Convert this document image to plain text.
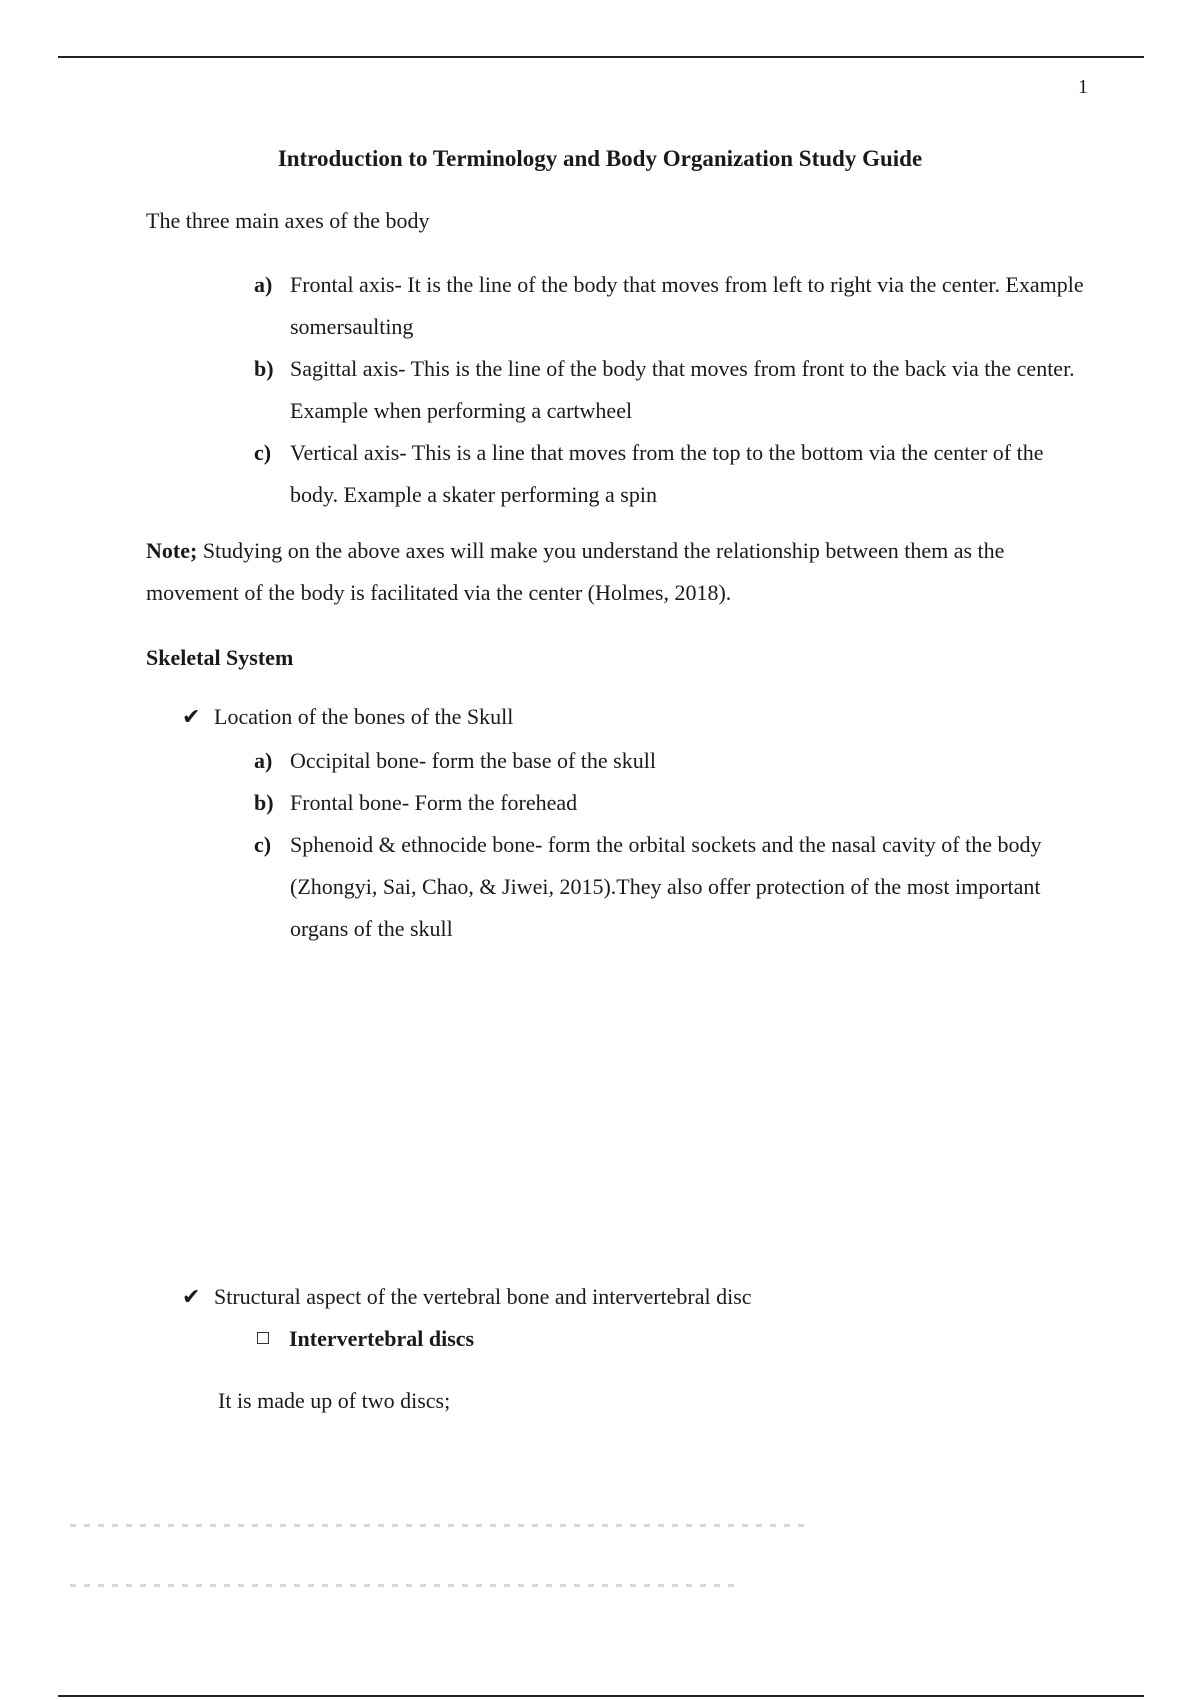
1
Introduction to Terminology and Body Organization Study Guide
The three main axes of the body
a) Frontal axis- It is the line of the body that moves from left to right via the center. Example somersaulting
b) Sagittal axis- This is the line of the body that moves from front to the back via the center. Example when performing a cartwheel
c) Vertical axis- This is a line that moves from the top to the bottom via the center of the body. Example a skater performing a spin
Note; Studying on the above axes will make you understand the relationship between them as the movement of the body is facilitated via the center (Holmes, 2018).
Skeletal System
✔ Location of the bones of the Skull
a) Occipital bone- form the base of the skull
b) Frontal bone- Form the forehead
c) Sphenoid & ethnocide bone- form the orbital sockets and the nasal cavity of the body (Zhongyi, Sai, Chao, & Jiwei, 2015).They also offer protection of the most important organs of the skull
✔ Structural aspect of the vertebral bone and intervertebral disc
Intervertebral discs
It is made up of two discs;
